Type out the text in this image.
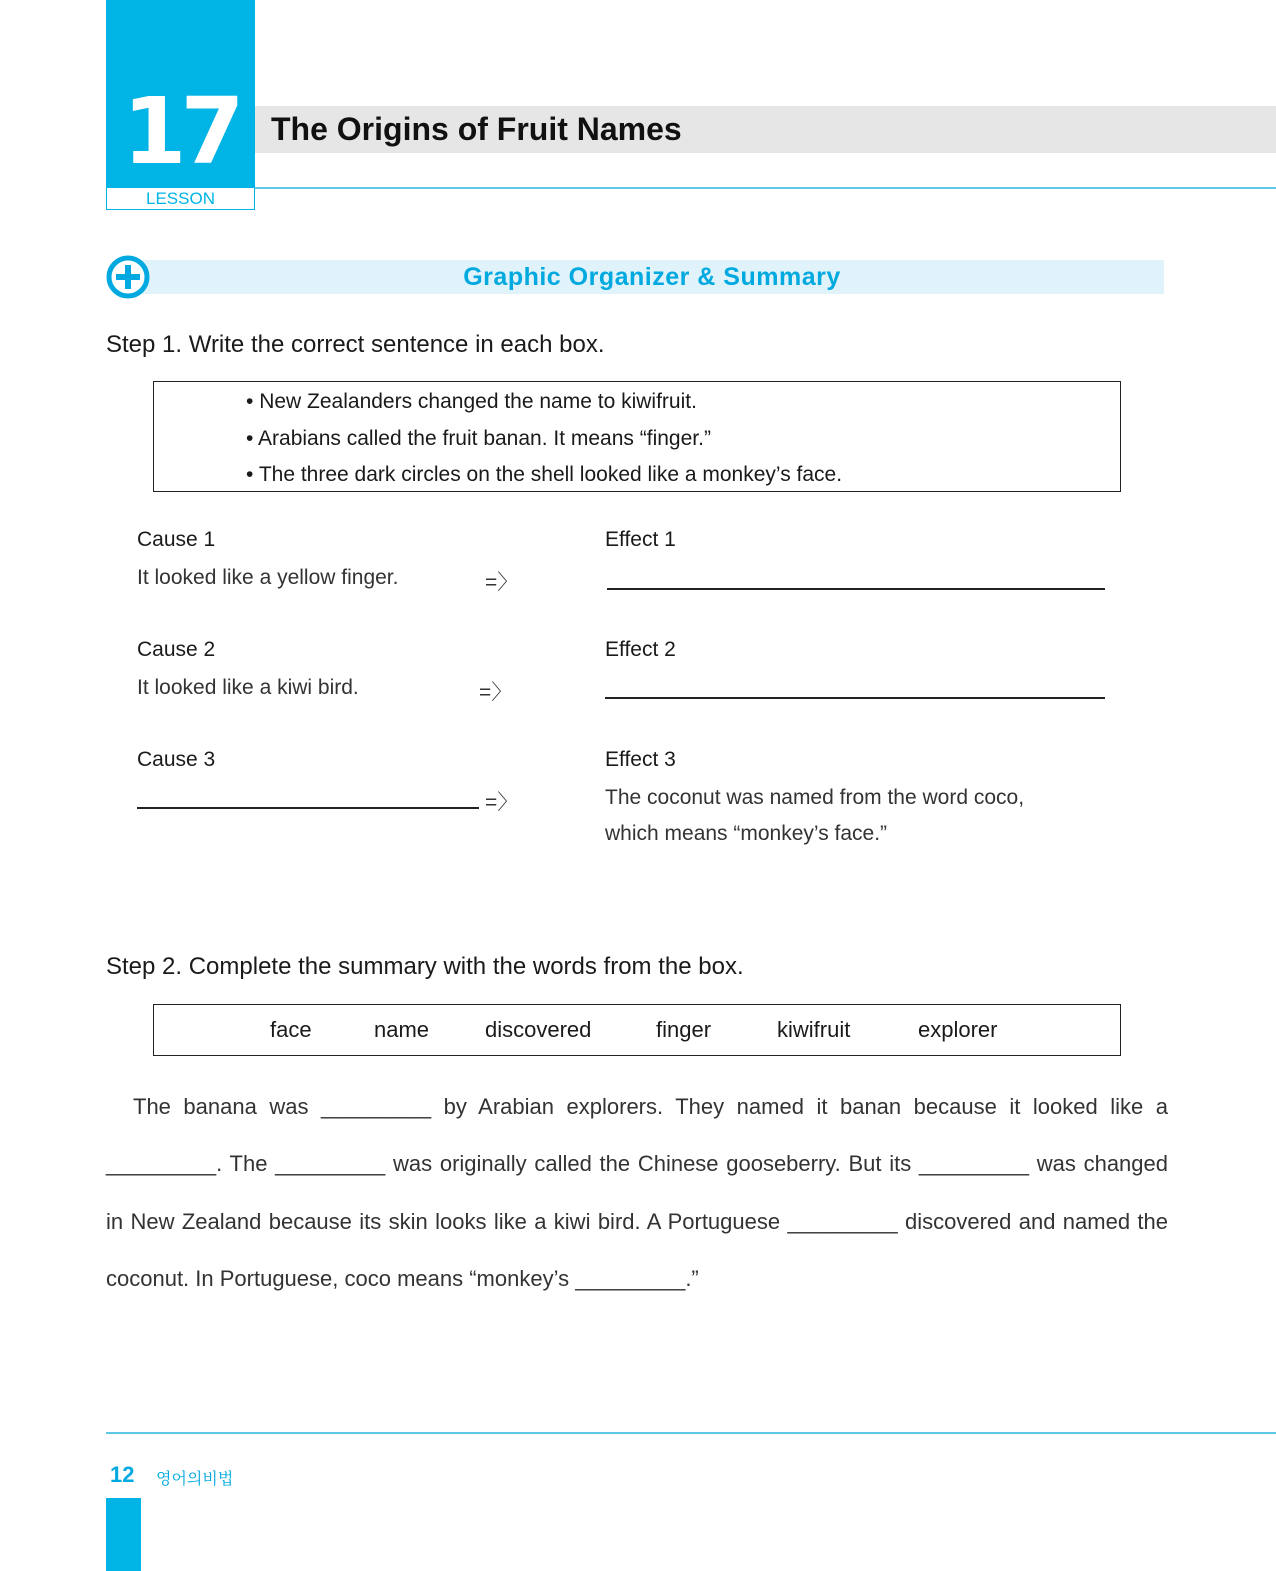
17
LESSON
The Origins of Fruit Names
Graphic Organizer & Summary
Step 1. Write the correct sentence in each box.
• New Zealanders changed the name to kiwifruit.
• Arabians called the fruit banan. It means “finger.”
• The three dark circles on the shell looked like a monkey’s face.
Cause 1
It looked like a yellow finger.	=〉
Effect 1
Cause 2
It looked like a kiwi bird.	=〉
Effect 2
Cause 3
=〉
Effect 3
The coconut was named from the word coco,
which means “monkey’s face.”
Step 2. Complete the summary with the words from the box.
face	name	discovered	finger	kiwifruit	explorer
The banana was _________ by Arabian explorers. They named it banan because it looked like a _________. The _________ was originally called the Chinese gooseberry. But its _________ was changed in New Zealand because its skin looks like a kiwi bird. A Portuguese _________ discovered and named the coconut. In Portuguese, coco means “monkey’s _________.”
12 영어의비법
